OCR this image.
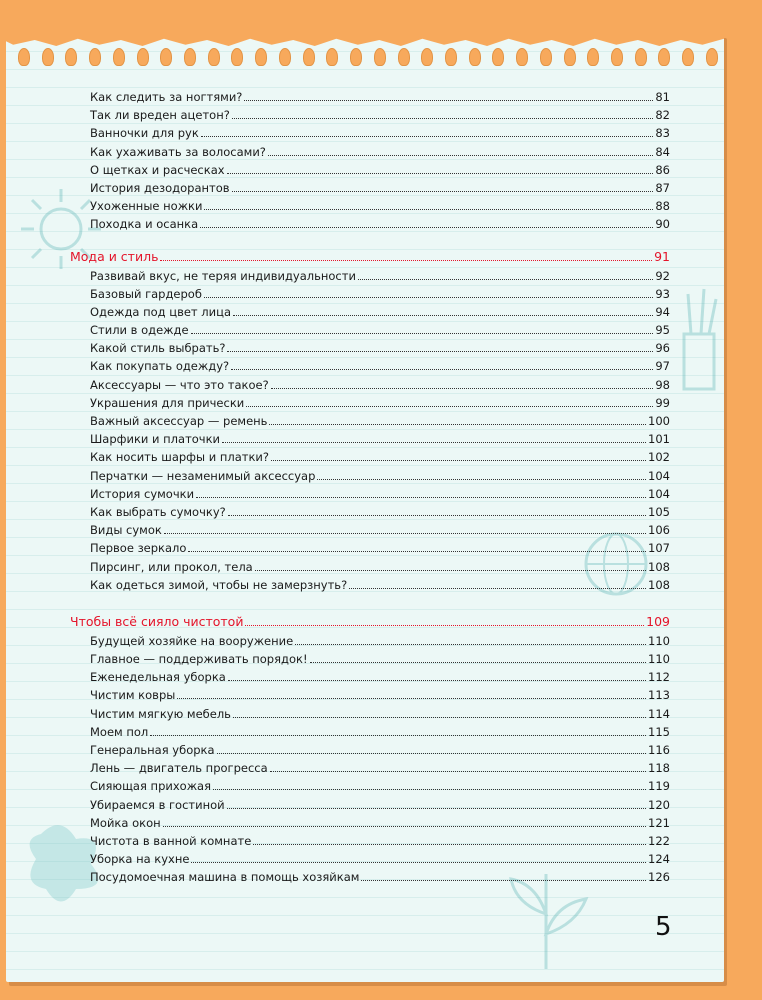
Как следить за ногтями?	81
Так ли вреден ацетон?	82
Ванночки для рук	83
Как ухаживать за волосами?	84
О щетках и расческах	86
История дезодорантов	87
Ухоженные ножки	88
Походка и осанка	90
Мода и стиль	91
Развивай вкус, не теряя индивидуальности	92
Базовый гардероб	93
Одежда под цвет лица	94
Стили в одежде	95
Какой стиль выбрать?	96
Как покупать одежду?	97
Аксессуары — что это такое?	98
Украшения для прически	99
Важный аксессуар — ремень	100
Шарфики и платочки	101
Как носить шарфы и платки?	102
Перчатки — незаменимый аксессуар	104
История сумочки	104
Как выбрать сумочку?	105
Виды сумок	106
Первое зеркало	107
Пирсинг, или прокол, тела	108
Как одеться зимой, чтобы не замерзнуть?	108
Чтобы всё сияло чистотой	109
Будущей хозяйке на вооружение	110
Главное — поддерживать порядок!	110
Еженедельная уборка	112
Чистим ковры	113
Чистим мягкую мебель	114
Моем пол	115
Генеральная уборка	116
Лень — двигатель прогресса	118
Сияющая прихожая	119
Убираемся в гостиной	120
Мойка окон	121
Чистота в ванной комнате	122
Уборка на кухне	124
Посудомоечная машина в помощь хозяйкам	126
5
